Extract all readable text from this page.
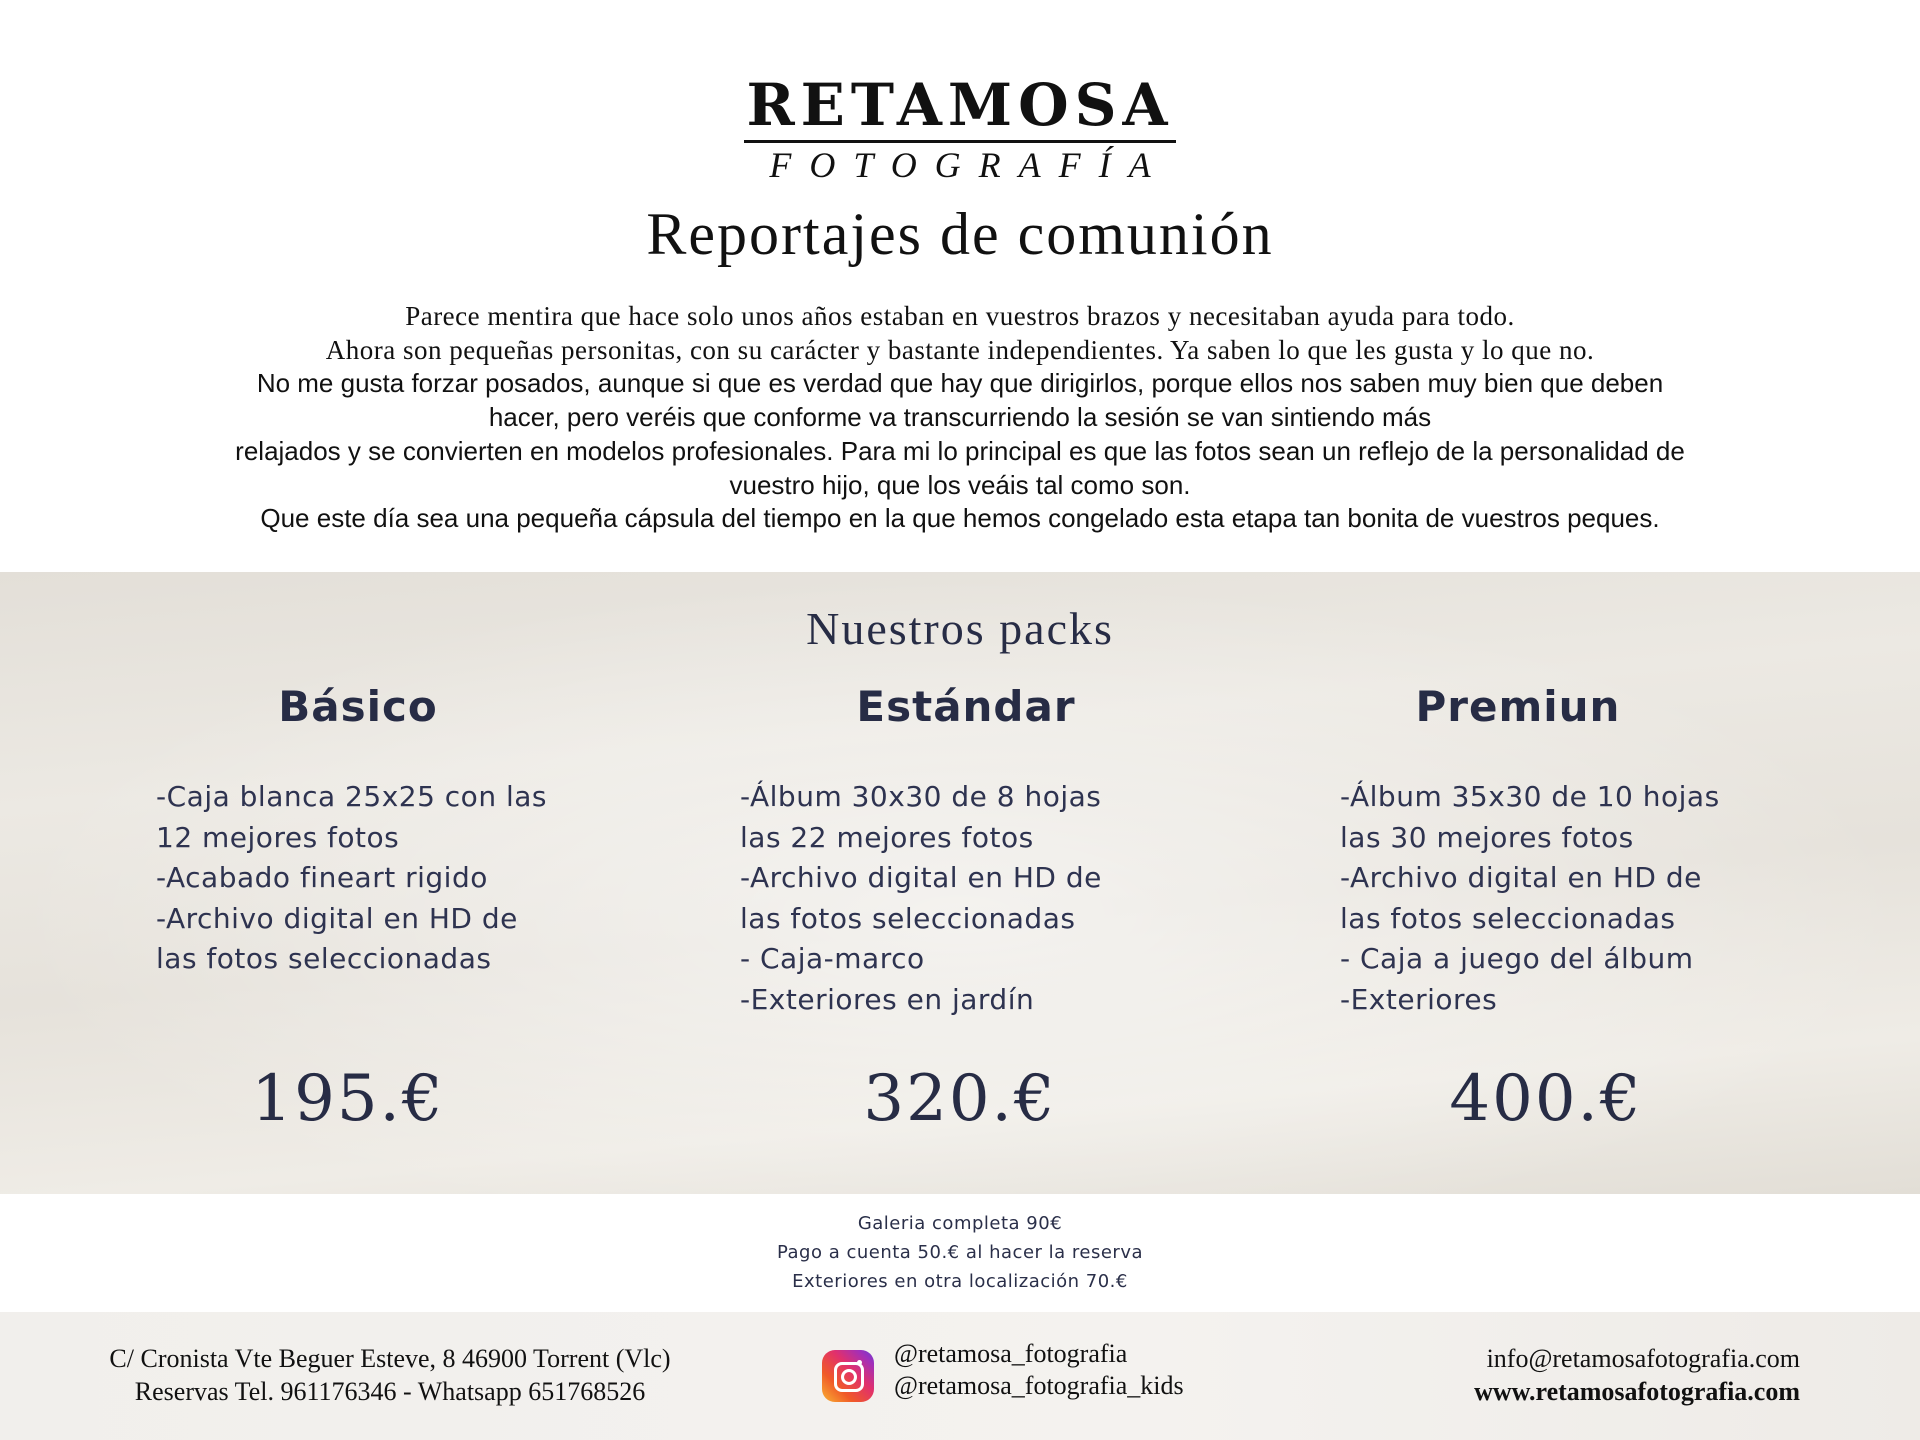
RETAMOSA
FOTOGRAFÍA
Reportajes de comunión
Parece mentira que hace solo unos años estaban en vuestros brazos y necesitaban ayuda para todo.
Ahora son pequeñas personitas, con su carácter y bastante independientes. Ya saben lo que les gusta y lo que no.
No me gusta forzar posados, aunque si que es verdad que hay que dirigirlos, porque ellos nos saben muy bien que deben
hacer, pero veréis que conforme va transcurriendo la sesión se van sintiendo más
relajados y se convierten en modelos profesionales. Para mi lo principal es que las fotos sean un reflejo de la personalidad de
vuestro hijo, que los veáis tal como son.
Que este día sea una pequeña cápsula del tiempo en la que hemos congelado esta etapa tan bonita de vuestros peques.
Nuestros packs
Básico
-Caja blanca 25x25 con las
12 mejores fotos
-Acabado fineart rigido
-Archivo digital en HD de
las fotos seleccionadas
195.€
Estándar
-Álbum 30x30 de 8 hojas
las 22 mejores fotos
-Archivo digital en HD de
las fotos seleccionadas
- Caja-marco
-Exteriores en jardín
320.€
Premiun
-Álbum 35x30 de 10 hojas
las 30 mejores fotos
-Archivo digital en HD de
las fotos seleccionadas
- Caja a juego del álbum
-Exteriores
400.€
Galeria completa 90€
Pago a cuenta 50.€ al hacer la reserva
Exteriores en otra localización 70.€
C/ Cronista Vte Beguer Esteve, 8 46900 Torrent (Vlc)
Reservas Tel. 961176346 - Whatsapp 651768526
@retamosa_fotografia
@retamosa_fotografia_kids
info@retamosafotografia.com
www.retamosafotografia.com
